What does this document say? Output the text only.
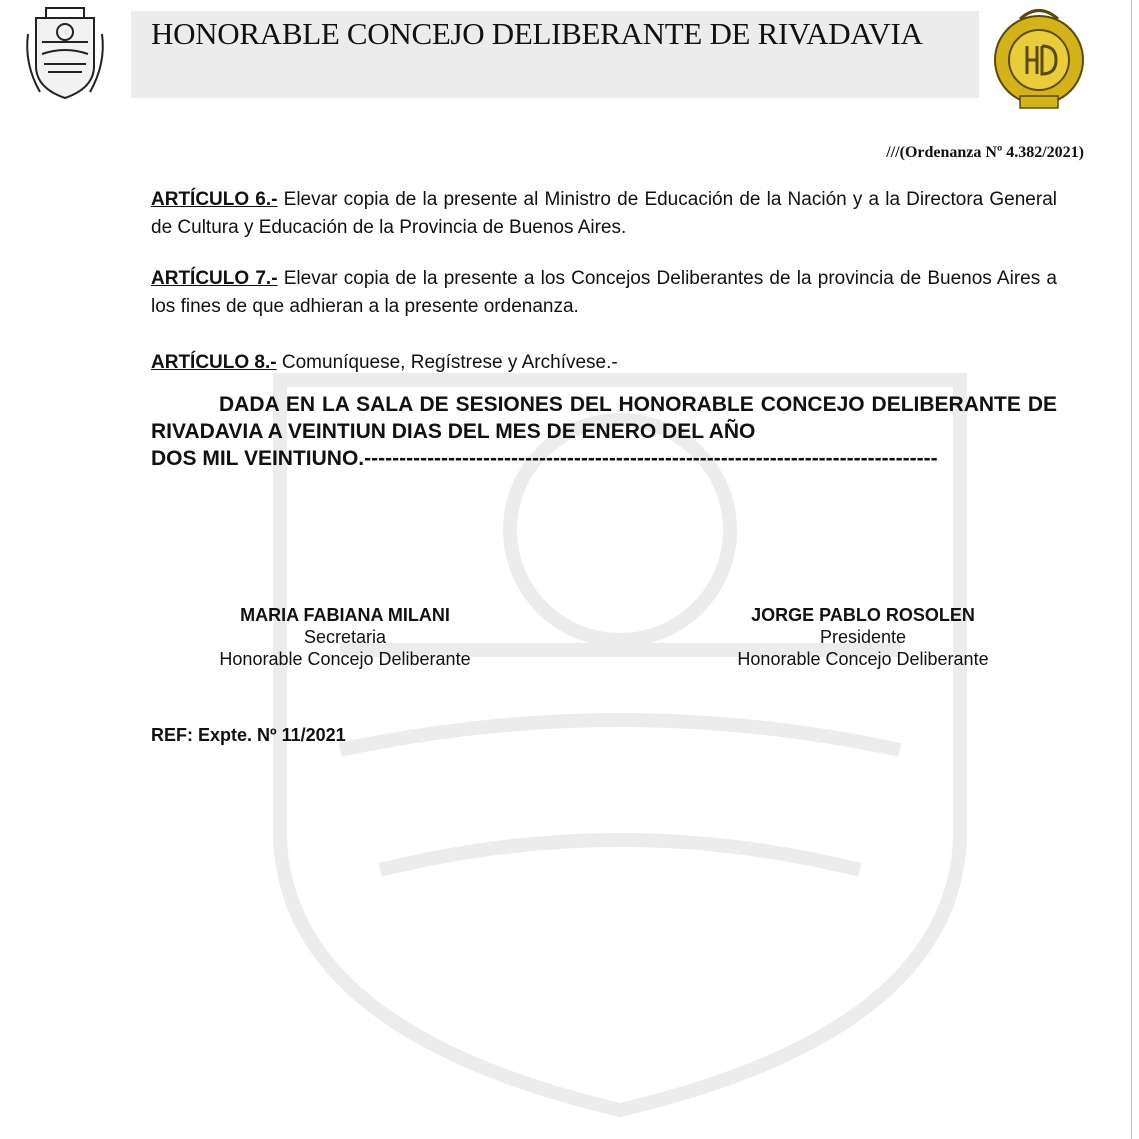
HONORABLE CONCEJO DELIBERANTE DE RIVADAVIA
///(Ordenanza Nº 4.382/2021)
ARTÍCULO 6.- Elevar copia de la presente al Ministro de Educación de la Nación y a la Directora General de Cultura y Educación de la Provincia de Buenos Aires.
ARTÍCULO 7.- Elevar copia de la presente a los Concejos Deliberantes de la provincia de Buenos Aires a los fines de que adhieran a la presente ordenanza.
ARTÍCULO 8.- Comuníquese, Regístrese y Archívese.-
DADA EN LA SALA DE SESIONES DEL HONORABLE CONCEJO DELIBERANTE DE RIVADAVIA A VEINTIUN DIAS DEL MES DE ENERO DEL AÑO
DOS MIL VEINTIUNO.----------------------------------------------------------------------------------
MARIA FABIANA MILANI
Secretaria
Honorable Concejo Deliberante
JORGE PABLO ROSOLEN
Presidente
Honorable Concejo Deliberante
REF: Expte. Nº 11/2021
